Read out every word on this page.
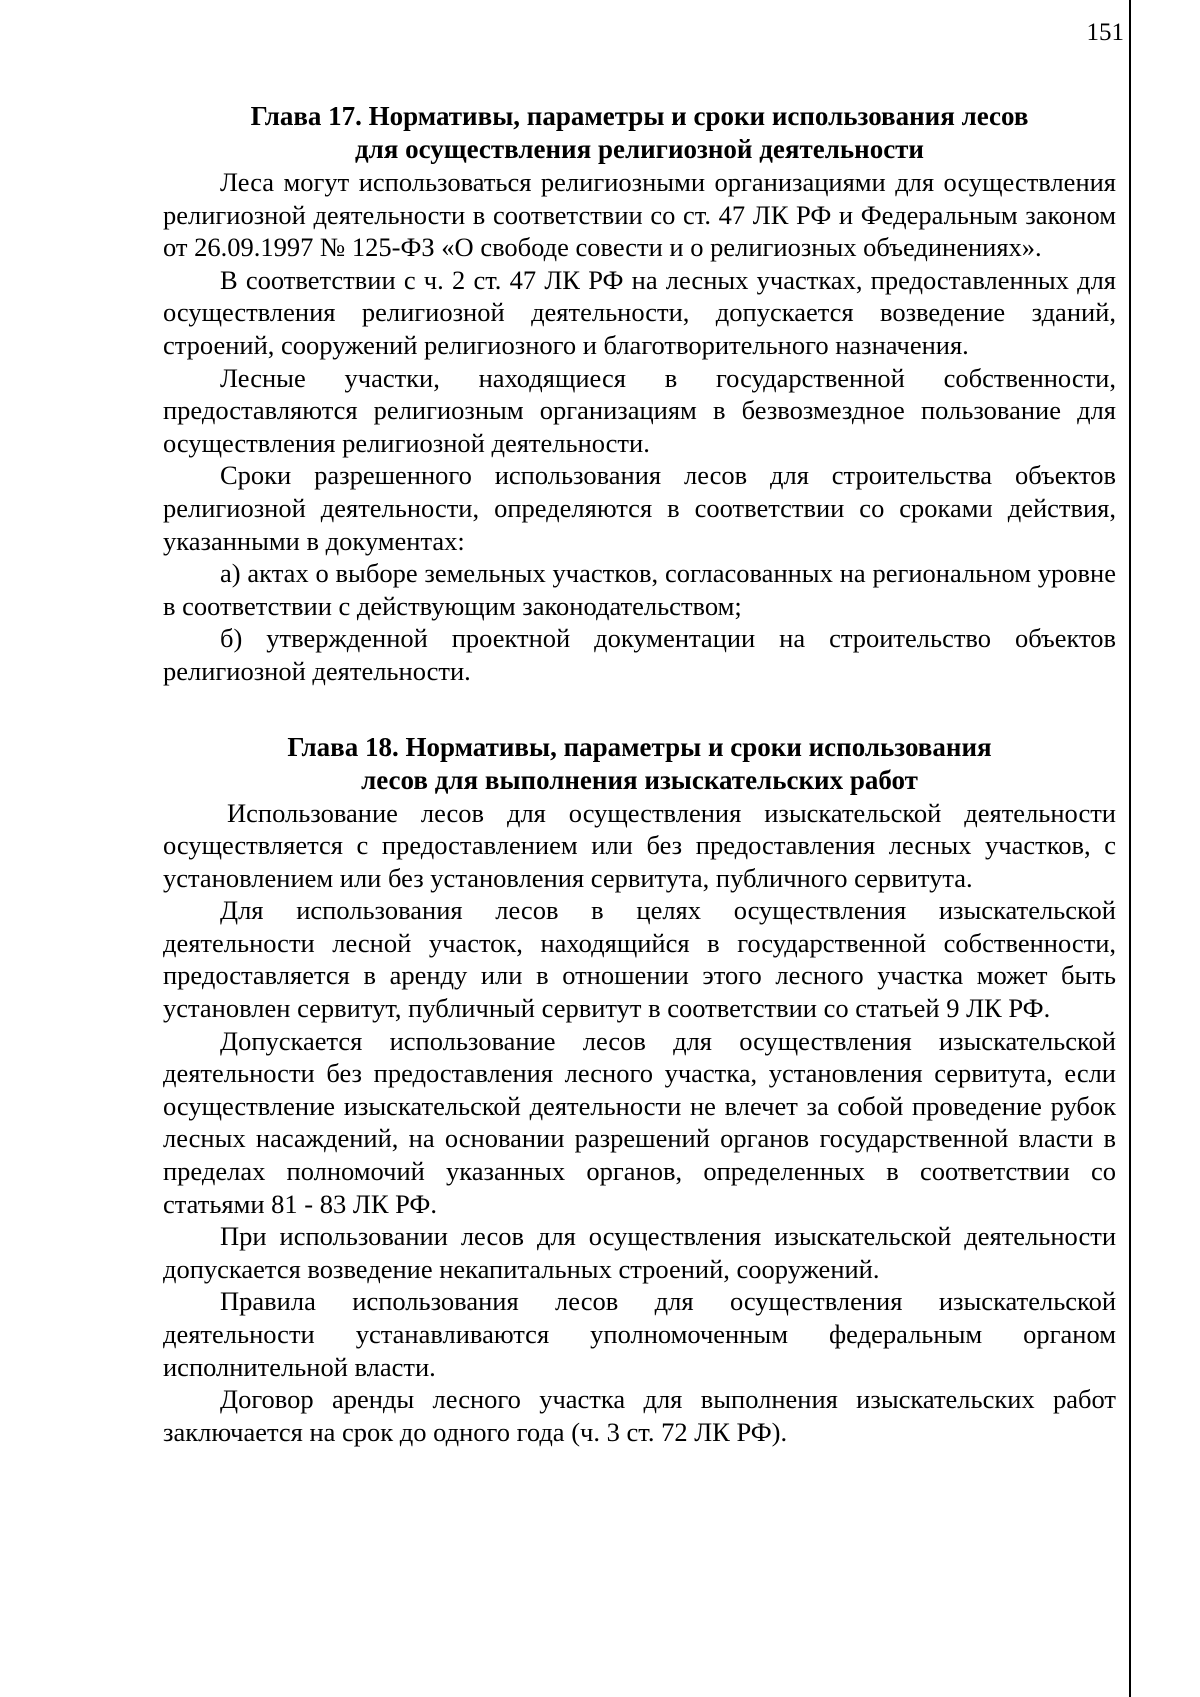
151
Глава 17. Нормативы, параметры и сроки использования лесов
для осуществления религиозной деятельности

Леса могут использоваться религиозными организациями для осуществления религиозной деятельности в соответствии со ст. 47 ЛК РФ и Федеральным законом от 26.09.1997 № 125-ФЗ «О свободе совести и о религиозных объединениях».

В соответствии с ч. 2 ст. 47 ЛК РФ на лесных участках, предоставленных для осуществления религиозной деятельности, допускается возведение зданий, строений, сооружений религиозного и благотворительного назначения.

Лесные участки, находящиеся в государственной собственности, предоставляются религиозным организациям в безвозмездное пользование для осуществления религиозной деятельности.

Сроки разрешенного использования лесов для строительства объектов религиозной деятельности, определяются в соответствии со сроками действия, указанными в документах:

а) актах о выборе земельных участков, согласованных на региональном уровне в соответствии с действующим законодательством;

б) утвержденной проектной документации на строительство объектов религиозной деятельности.

Глава 18. Нормативы, параметры и сроки использования
лесов для выполнения изыскательских работ

Использование лесов для осуществления изыскательской деятельности осуществляется с предоставлением или без предоставления лесных участков, с установлением или без установления сервитута, публичного сервитута.

Для использования лесов в целях осуществления изыскательской деятельности лесной участок, находящийся в государственной собственности, предоставляется в аренду или в отношении этого лесного участка может быть установлен сервитут, публичный сервитут в соответствии со статьей 9 ЛК РФ.

Допускается использование лесов для осуществления изыскательской деятельности без предоставления лесного участка, установления сервитута, если осуществление изыскательской деятельности не влечет за собой проведение рубок лесных насаждений, на основании разрешений органов государственной власти в пределах полномочий указанных органов, определенных в соответствии со статьями 81 - 83 ЛК РФ.

При использовании лесов для осуществления изыскательской деятельности допускается возведение некапитальных строений, сооружений.

Правила использования лесов для осуществления изыскательской деятельности устанавливаются уполномоченным федеральным органом исполнительной власти.

Договор аренды лесного участка для выполнения изыскательских работ заключается на срок до одного года (ч. 3 ст. 72 ЛК РФ).
